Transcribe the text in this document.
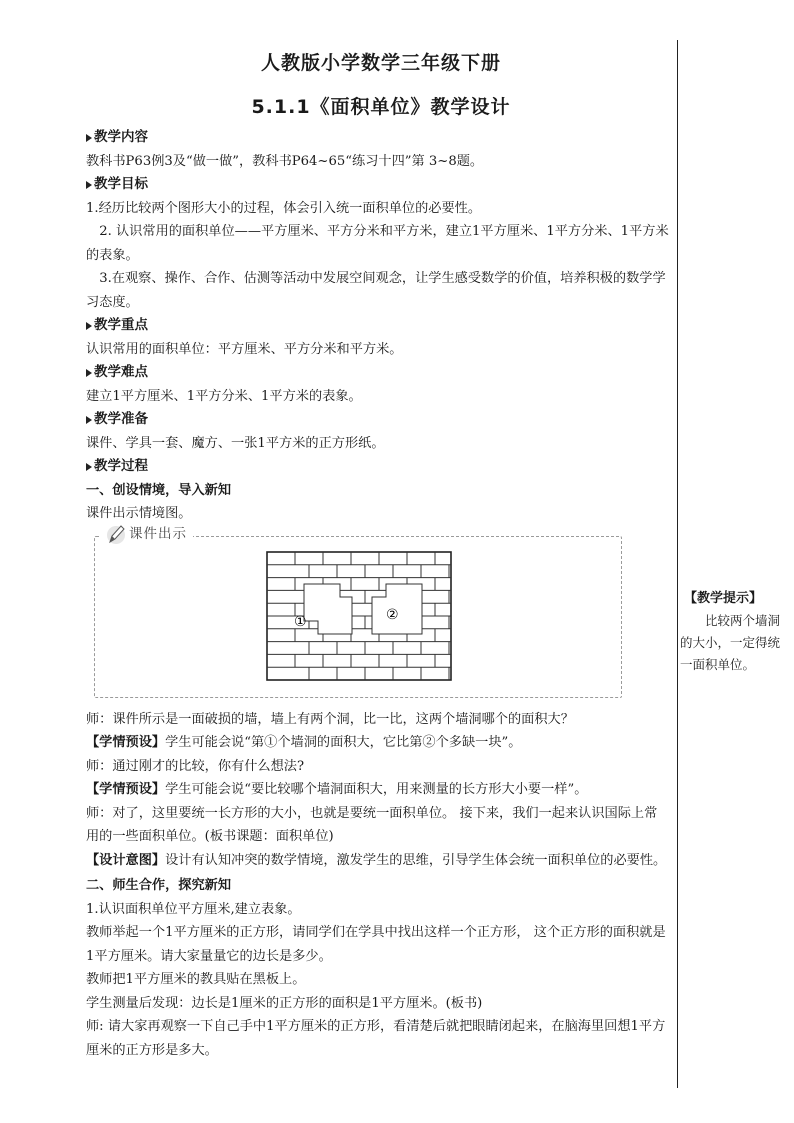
人教版小学数学三年级下册
5.1.1《面积单位》教学设计

教学内容

教科书P63例3及“做一做”，教科书P64~65“练习十四”第 3~8题。

教学目标

1.经历比较两个图形大小的过程，体会引入统一面积单位的必要性。

2. 认识常用的面积单位——平方厘米、平方分米和平方米，建立1平方厘米、1平方分米、1平方米的表象。

3.在观察、操作、合作、估测等活动中发展空间观念，让学生感受数学的价值，培养积极的数学学习态度。

教学重点

认识常用的面积单位：平方厘米、平方分米和平方米。

教学难点

建立1平方厘米、1平方分米、1平方米的表象。

教学准备

课件、学具一套、魔方、一张1平方米的正方形纸。

教学过程

一、创设情境，导入新知

课件出示情境图。

课件出示
①	②

师：课件所示是一面破损的墙，墙上有两个洞，比一比，这两个墙洞哪个的面积大？

【学情预设】学生可能会说“第①个墙洞的面积大，它比第②个多缺一块”。

师：通过刚才的比较，你有什么想法?

【学情预设】学生可能会说“要比较哪个墙洞面积大，用来测量的长方形大小要一样”。

师：对了，这里要统一长方形的大小，也就是要统一面积单位。 接下来，我们一起来认识国际上常用的一些面积单位。(板书课题：面积单位)

【设计意图】设计有认知冲突的数学情境，激发学生的思维，引导学生体会统一面积单位的必要性。

二、师生合作，探究新知

1.认识面积单位平方厘米,建立表象。

教师举起一个1平方厘米的正方形，请同学们在学具中找出这样一个正方形， 这个正方形的面积就是1平方厘米。请大家量量它的边长是多少。

教师把1平方厘米的教具贴在黑板上。

学生测量后发现：边长是1厘米的正方形的面积是1平方厘米。(板书)

师: 请大家再观察一下自己手中1平方厘米的正方形，看清楚后就把眼睛闭起来，在脑海里回想1平方厘米的正方形是多大。

【教学提示】

比较两个墙洞的大小，一定得统一面积单位。
